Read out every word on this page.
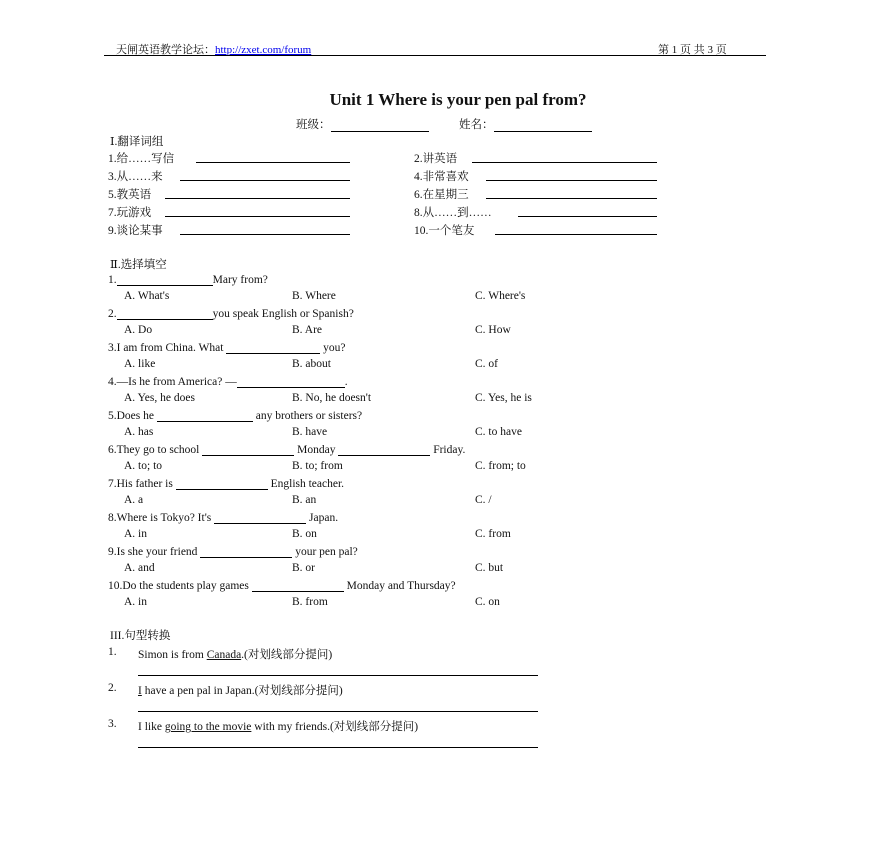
天闸英语教学论坛：http://zxet.com/forum	第 1 页 共 3 页
Unit 1 Where is your pen pal from?
班级：	姓名：
Ⅰ.翻译词组
1.给……写信	2.讲英语
3.从……来	4.非常喜欢
5.教英语	6.在星期三
7.玩游戏	8.从……到……
9.谈论某事	10.一个笔友
Ⅱ.选择填空
1.	Mary from?
A. What's	B. Where	C. Where's
2.	you speak English or Spanish?
A. Do	B. Are	C. How
3.I am from China. What	you?
A. like	B. about	C. of
4.—Is he from America? —	.
A. Yes, he does	B. No, he doesn't	C. Yes, he is
5.Does he	any brothers or sisters?
A. has	B. have	C. to have
6.They go to school	Monday	Friday.
A. to; to	B. to; from	C. from; to
7.His father is	English teacher.
A. a	B. an	C. /
8.Where is Tokyo? It's	Japan.
A. in	B. on	C. from
9.Is she your friend	your pen pal?
A. and	B. or	C. but
10.Do the students play games	Monday and Thursday?
A. in	B. from	C. on
III.句型转换
1. Simon is from Canada.(对划线部分提问)
2. I have a pen pal in Japan.(对划线部分提问)
3. I like going to the movie with my friends.(对划线部分提问)
